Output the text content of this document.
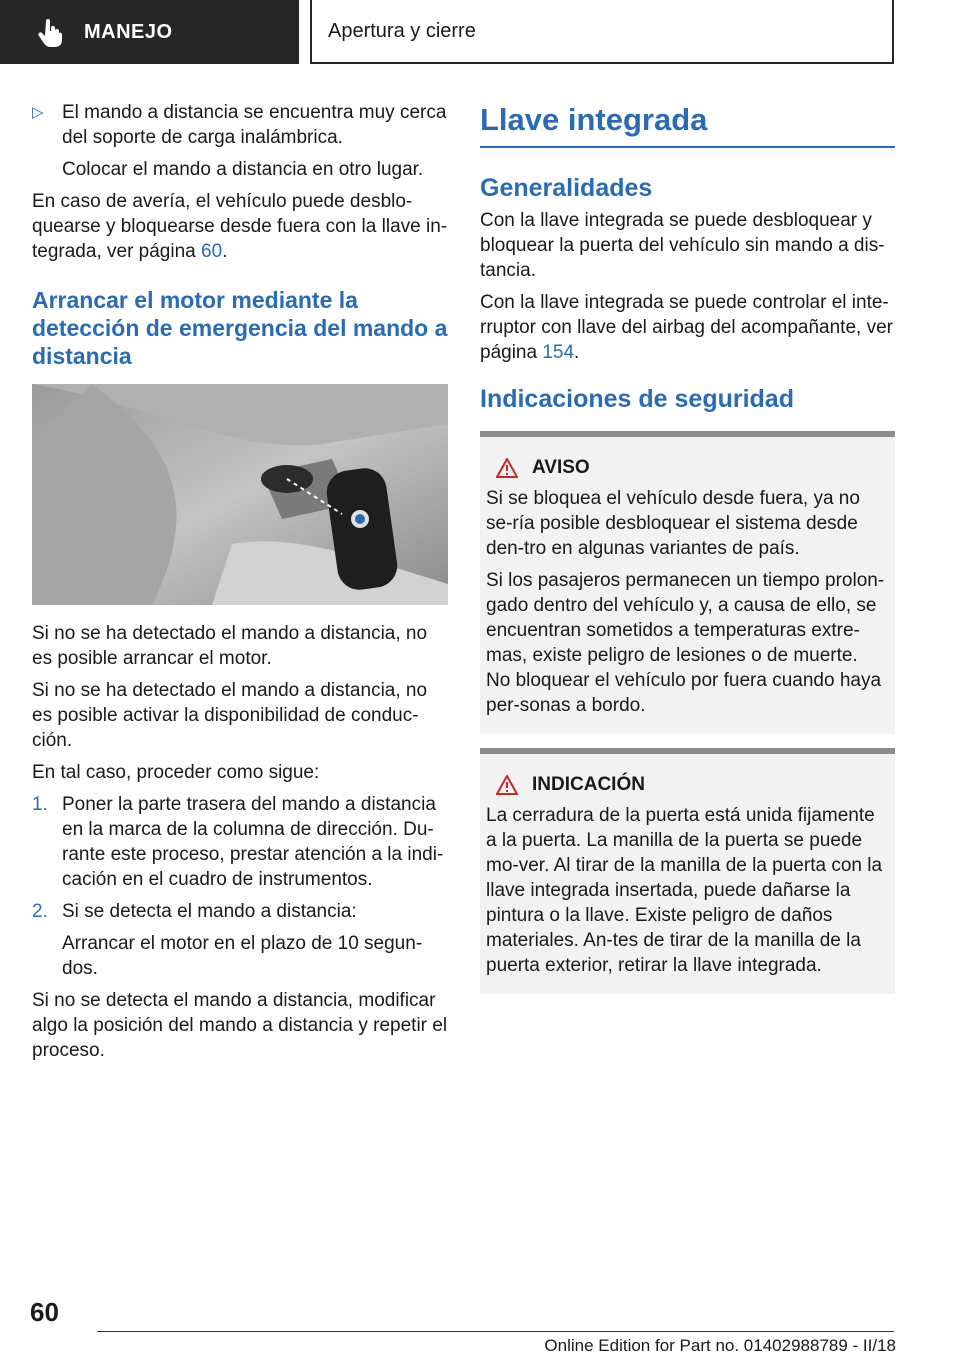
MANEJO	Apertura y cierre

▷ El mando a distancia se encuentra muy cerca del soporte de carga inalámbrica.

Colocar el mando a distancia en otro lugar.

En caso de avería, el vehículo puede desblo-quearse y bloquearse desde fuera con la llave in-tegrada, ver página 60.

Arrancar el motor mediante la detección de emergencia del mando a distancia

Si no se ha detectado el mando a distancia, no es posible arrancar el motor.

Si no se ha detectado el mando a distancia, no es posible activar la disponibilidad de conduc-ción.

En tal caso, proceder como sigue:

1. Poner la parte trasera del mando a distancia en la marca de la columna de dirección. Du-rante este proceso, prestar atención a la indi-cación en el cuadro de instrumentos.

2. Si se detecta el mando a distancia:

Arrancar el motor en el plazo de 10 segun-dos.

Si no se detecta el mando a distancia, modificar algo la posición del mando a distancia y repetir el proceso.

Llave integrada
Generalidades

Con la llave integrada se puede desbloquear y bloquear la puerta del vehículo sin mando a dis-tancia.

Con la llave integrada se puede controlar el inte-rruptor con llave del airbag del acompañante, ver página 154.

Indicaciones de seguridad
AVISO

Si se bloquea el vehículo desde fuera, ya no se-ría posible desbloquear el sistema desde den-tro en algunas variantes de país.

Si los pasajeros permanecen un tiempo prolon-gado dentro del vehículo y, a causa de ello, se encuentran sometidos a temperaturas extre-mas, existe peligro de lesiones o de muerte. No bloquear el vehículo por fuera cuando haya per-sonas a bordo.

INDICACIÓN

La cerradura de la puerta está unida fijamente a la puerta. La manilla de la puerta se puede mo-ver. Al tirar de la manilla de la puerta con la llave integrada insertada, puede dañarse la pintura o la llave. Existe peligro de daños materiales. An-tes de tirar de la manilla de la puerta exterior, retirar la llave integrada.

60
Online Edition for Part no. 01402988789 - II/18
